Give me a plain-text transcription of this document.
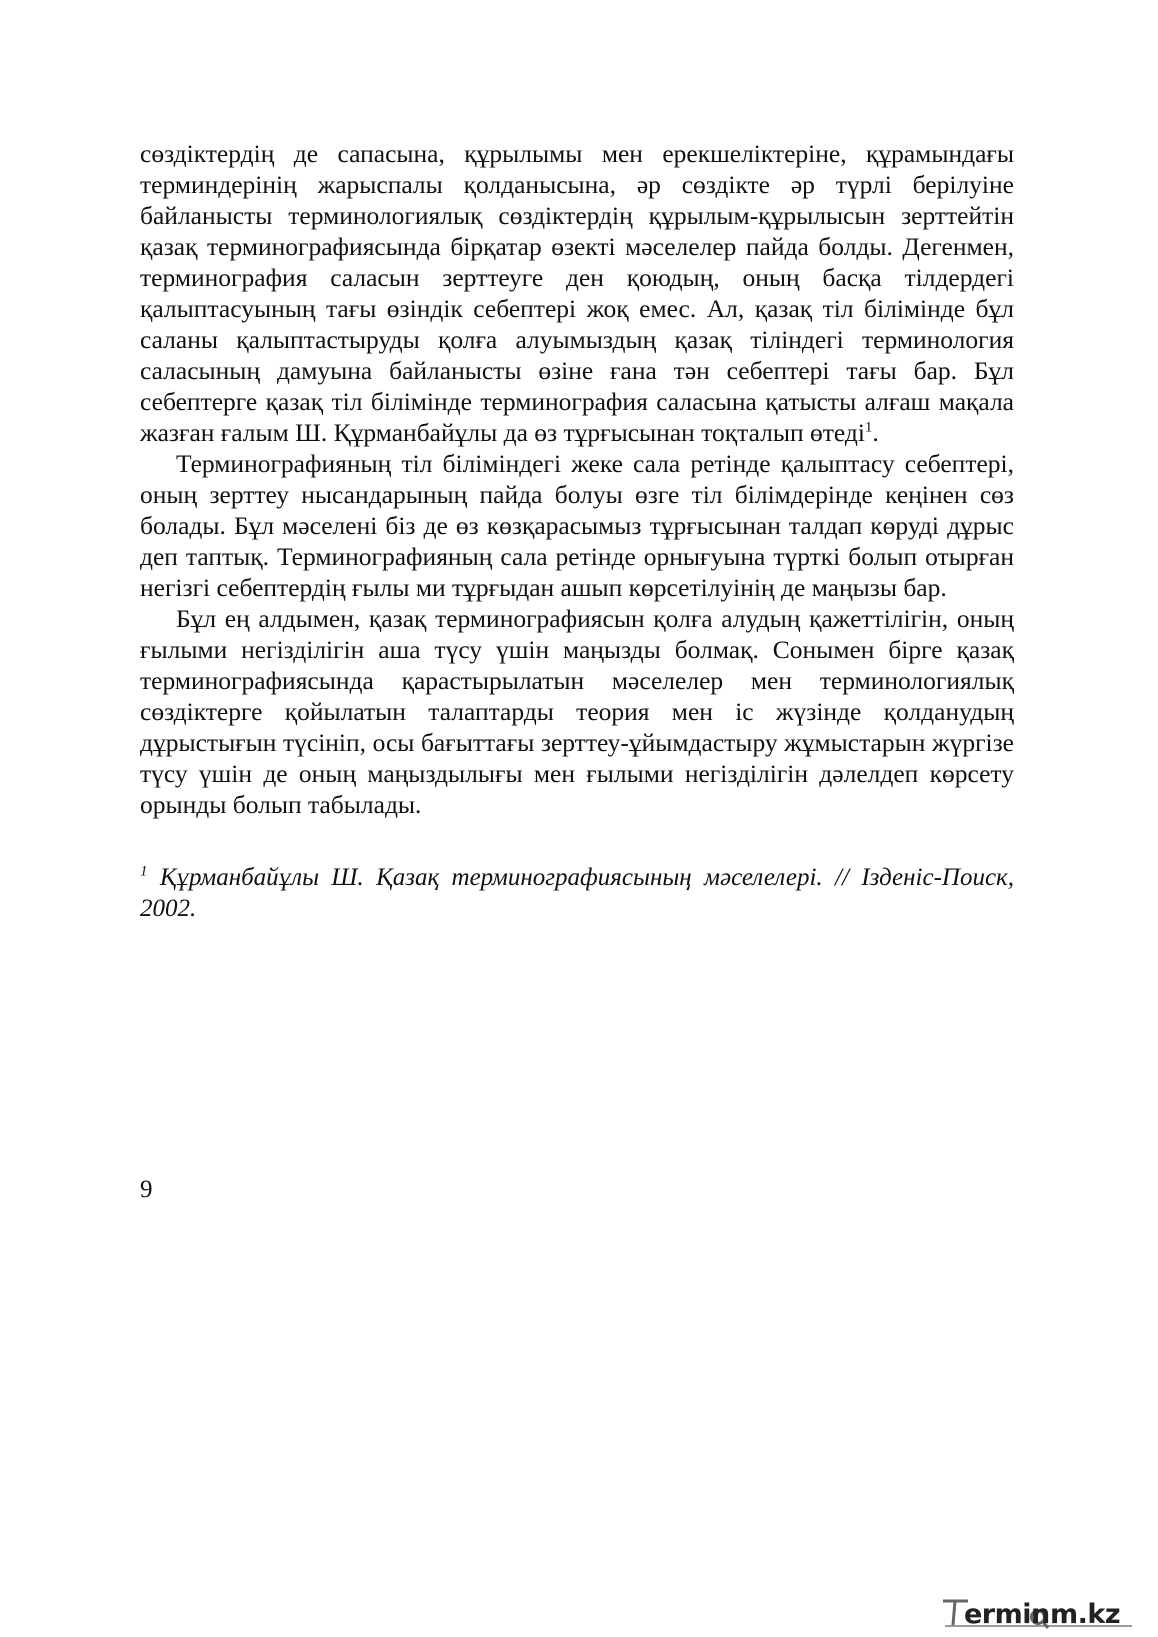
сөздіктердің де сапасына, құрылымы мен ерекшеліктеріне, құрамындағы терминдерінің жарыспалы қолданысына, әр сөздікте әр түрлі берілуіне байланысты терминологиялық сөздіктердің құрылым-құрылысын зерттейтін қазақ терминографиясында бірқатар өзекті мәселелер пайда болды. Дегенмен, терминография саласын зерттеуге ден қоюдың, оның басқа тілдердегі қалыптасуының тағы өзіндік себептері жоқ емес. Ал, қазақ тіл білімінде бұл саланы қалыптастыруды қолға алуымыздың қазақ тіліндегі терминология саласының дамуына байланысты өзіне ғана тән себептері тағы бар. Бұл себептерге қазақ тіл білімінде терминография саласына қатысты алғаш мақала жазған ғалым Ш. Құрманбайұлы да өз тұрғысынан тоқталып өтеді$^1$.

Терминографияның тіл біліміндегі жеке сала ретінде қалыптасу себептері, оның зерттеу нысандарының пайда болуы өзге тіл білімдерінде кеңінен сөз болады. Бұл мәселені біз де өз көзқарасымыз тұрғысынан талдап көруді дұрыс деп таптық. Терминографияның сала ретінде орнығуына түрткі болып отырған негізгі себептердің ғылы ми тұрғыдан ашып көрсетілуінің де маңызы бар.

Бұл ең алдымен, қазақ терминографиясын қолға алудың қажеттілігін, оның ғылыми негізділігін аша түсу үшін маңызды болмақ. Сонымен бірге қазақ терминографиясында қарастырылатын мәселелер мен терминологиялық сөздіктерге қойылатын талаптарды теория мен іс жүзінде қолданудың дұрыстығын түсініп, осы бағыттағы зерттеу-ұйымдастыру жұмыстарын жүргізе түсу үшін де оның маңыздылығы мен ғылыми негізділігін дәлелдеп көрсету орынды болып табылады.

$^1$ Құрманбайұлы Ш. Қазақ терминографиясының мәселелері. // Ізденіс-Поиск, 2002.

9
ermin m.kz
